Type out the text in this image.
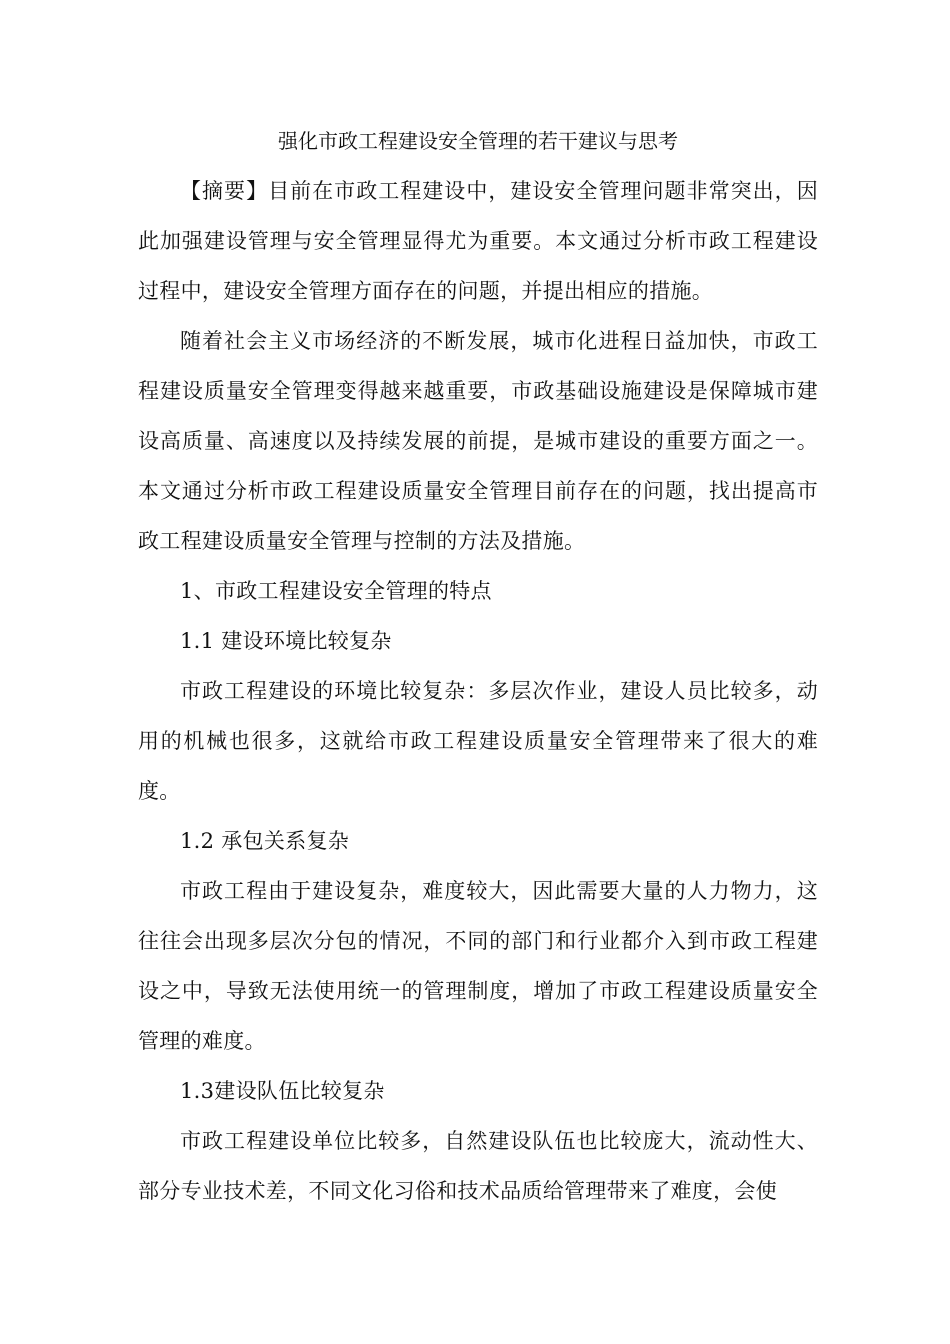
强化市政工程建设安全管理的若干建议与思考

【摘要】目前在市政工程建设中，建设安全管理问题非常突出，因此加强建设管理与安全管理显得尤为重要。本文通过分析市政工程建设过程中，建设安全管理方面存在的问题，并提出相应的措施。

随着社会主义市场经济的不断发展，城市化进程日益加快，市政工程建设质量安全管理变得越来越重要，市政基础设施建设是保障城市建设高质量、高速度以及持续发展的前提，是城市建设的重要方面之一。本文通过分析市政工程建设质量安全管理目前存在的问题，找出提高市政工程建设质量安全管理与控制的方法及措施。

1、市政工程建设安全管理的特点

1.1 建设环境比较复杂

市政工程建设的环境比较复杂：多层次作业，建设人员比较多，动用的机械也很多，这就给市政工程建设质量安全管理带来了很大的难度。

1.2 承包关系复杂

市政工程由于建设复杂，难度较大，因此需要大量的人力物力，这往往会出现多层次分包的情况，不同的部门和行业都介入到市政工程建设之中，导致无法使用统一的管理制度，增加了市政工程建设质量安全管理的难度。

1.3建设队伍比较复杂

市政工程建设单位比较多，自然建设队伍也比较庞大，流动性大、部分专业技术差，不同文化习俗和技术品质给管理带来了难度，会使
